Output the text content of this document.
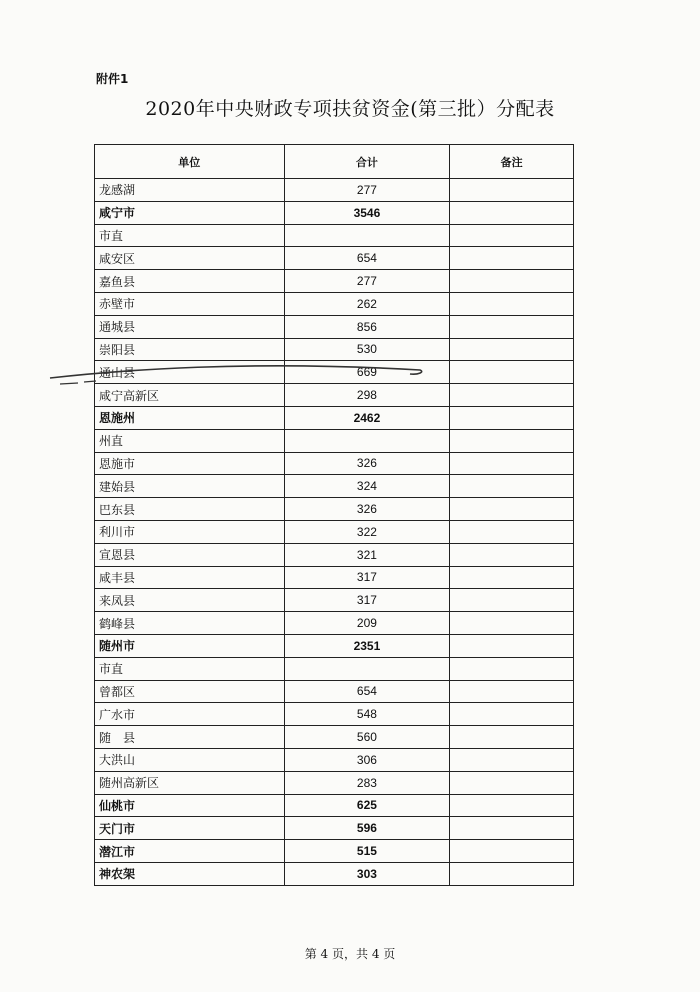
附件1
2020年中央财政专项扶贫资金(第三批）分配表
单位	合计	备注
龙感湖	277	
咸宁市	3546	
市直		
咸安区	654	
嘉鱼县	277	
赤壁市	262	
通城县	856	
崇阳县	530	
通山县	669	
咸宁高新区	298	
恩施州	2462	
州直		
恩施市	326	
建始县	324	
巴东县	326	
利川市	322	
宣恩县	321	
咸丰县	317	
来凤县	317	
鹤峰县	209	
随州市	2351	
市直		
曾都区	654	
广水市	548	
随　县	560	
大洪山	306	
随州高新区	283	
仙桃市	625	
天门市	596	
潜江市	515	
神农架	303	
第 4 页，共 4 页
